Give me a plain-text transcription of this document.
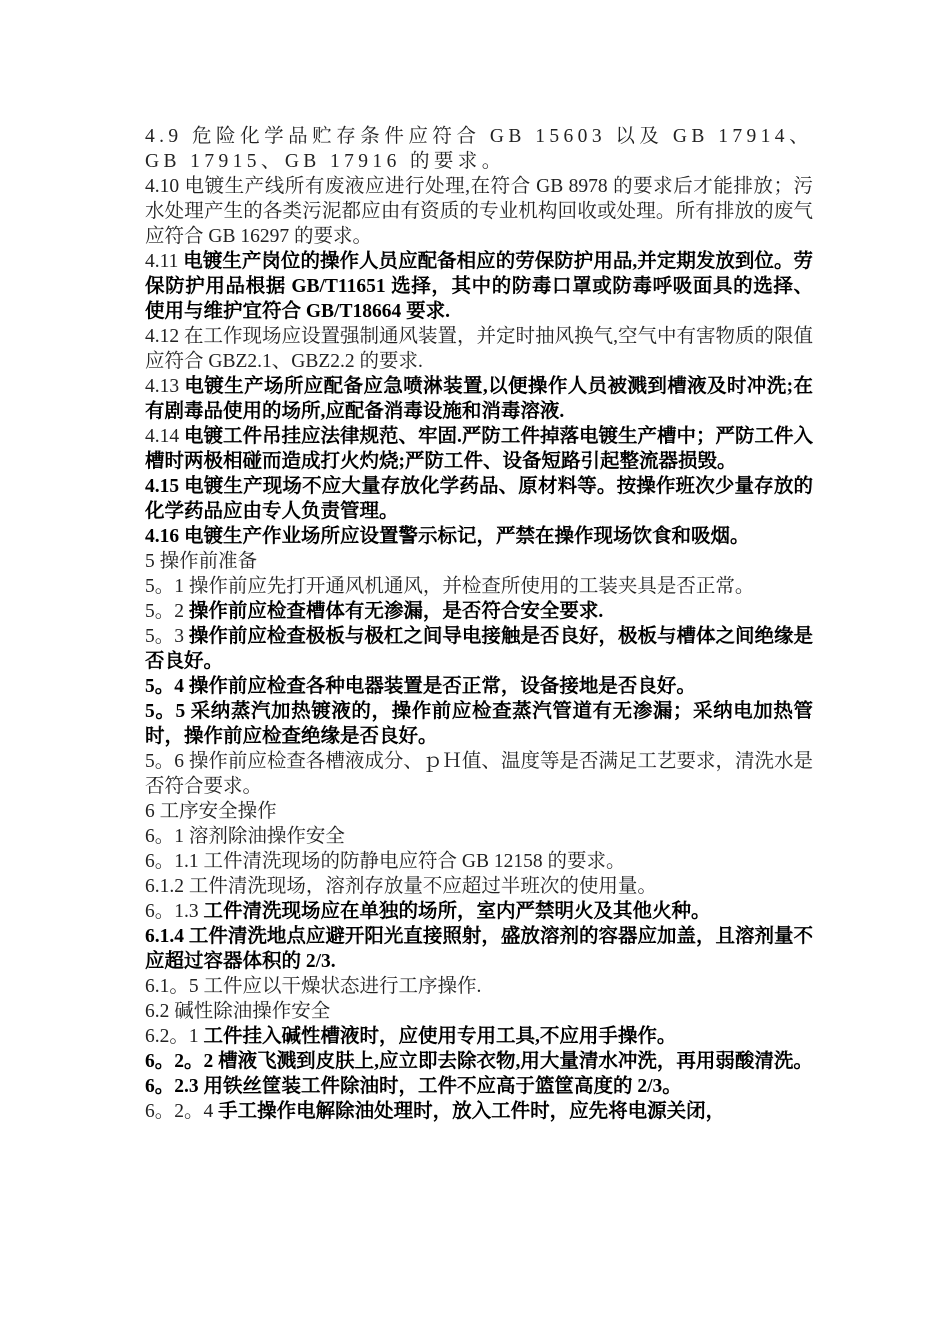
4.9 危险化学品贮存条件应符合 GB 15603 以及 GB 17914、GB 17915、GB 17916 的要求。

4.10 电镀生产线所有废液应进行处理,在符合 GB 8978 的要求后才能排放；污水处理产生的各类污泥都应由有资质的专业机构回收或处理。所有排放的废气应符合 GB 16297 的要求。

4.11 电镀生产岗位的操作人员应配备相应的劳保防护用品,并定期发放到位。劳保防护用品根据 GB/T11651 选择，其中的防毒口罩或防毒呼吸面具的选择、使用与维护宜符合 GB/T18664 要求.

4.12 在工作现场应设置强制通风装置，并定时抽风换气,空气中有害物质的限值应符合 GBZ2.1、GBZ2.2 的要求.

4.13 电镀生产场所应配备应急喷淋装置,以便操作人员被溅到槽液及时冲洗;在有剧毒品使用的场所,应配备消毒设施和消毒溶液.

4.14 电镀工件吊挂应法律规范、牢固.严防工件掉落电镀生产槽中；严防工件入槽时两极相碰而造成打火灼烧;严防工件、设备短路引起整流器损毁。

4.15 电镀生产现场不应大量存放化学药品、原材料等。按操作班次少量存放的化学药品应由专人负责管理。

4.16 电镀生产作业场所应设置警示标记，严禁在操作现场饮食和吸烟。

5 操作前准备

5。1 操作前应先打开通风机通风，并检查所使用的工装夹具是否正常。

5。2 操作前应检查槽体有无渗漏，是否符合安全要求.

5。3 操作前应检查极板与极杠之间导电接触是否良好，极板与槽体之间绝缘是否良好。

5。4 操作前应检查各种电器装置是否正常，设备接地是否良好。

5。5 采纳蒸汽加热镀液的，操作前应检查蒸汽管道有无渗漏；采纳电加热管时，操作前应检查绝缘是否良好。

5。6 操作前应检查各槽液成分、ｐＨ值、温度等是否满足工艺要求，清洗水是否符合要求。

6 工序安全操作

6。1 溶剂除油操作安全

6。1.1 工件清洗现场的防静电应符合 GB 12158 的要求。

6.1.2 工件清洗现场，溶剂存放量不应超过半班次的使用量。

6。1.3 工件清洗现场应在单独的场所，室内严禁明火及其他火种。

6.1.4 工件清洗地点应避开阳光直接照射，盛放溶剂的容器应加盖，且溶剂量不应超过容器体积的 2/3.

6.1。5 工件应以干燥状态进行工序操作.

6.2 碱性除油操作安全

6.2。1 工件挂入碱性槽液时，应使用专用工具,不应用手操作。

6。2。2 槽液飞溅到皮肤上,应立即去除衣物,用大量清水冲洗，再用弱酸清洗。

6。2.3 用铁丝筐装工件除油时，工件不应高于篮筐高度的 2/3。

6。2。4 手工操作电解除油处理时，放入工件时，应先将电源关闭，
